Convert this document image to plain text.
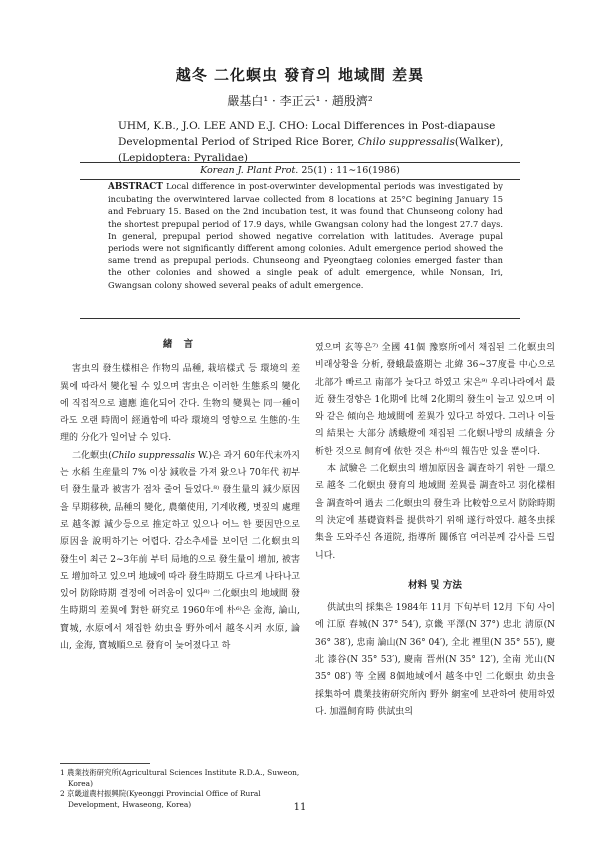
越冬 二化螟虫 發育의 地域間 差異
嚴基白¹ · 李正云¹ · 趙殷濟²
UHM, K.B., J.O. LEE AND E.J. CHO: Local Differences in Post-diapause Developmental Period of Striped Rice Borer, Chilo suppressalis(Walker), (Lepidoptera: Pyralidae)
Korean J. Plant Prot. 25(1) : 11∼16(1986)
ABSTRACT Local difference in post-overwinter developmental periods was investigated by incubating the overwintered larvae collected from 8 locations at 25°C begining January 15 and February 15. Based on the 2nd incubation test, it was found that Chunseong colony had the shortest prepupal period of 17.9 days, while Gwangsan colony had the longest 27.7 days. In general, prepupal period showed negative correlation with latitudes. Average pupal periods were not significantly different among colonies. Adult emergence period showed the same trend as prepupal periods. Chunseong and Pyeongtaeg colonies emerged faster than the other colonies and showed a single peak of adult emergence, while Nonsan, Iri, Gwangsan colony showed several peaks of adult emergence.
緒 言

害虫의 發生樣相은 作物의 品種, 栽培樣式 등 環境의 差異에 따라서 變化될 수 있으며 害虫은 이러한 生態系의 變化에 직접적으로 適應 進化되어 간다. 生物의 變異는 同一種이라도 오랜 時間이 經過함에 따라 環境의 영향으로 生態的·生理的 分化가 일어날 수 있다.

二化螟虫(Chilo suppressalis W.)은 과거 60年代末까지는 水稻 生産量의 7% 이상 減收를 가져 왔으나 70年代 初부터 發生量과 被害가 점차 줄어 들었다.⁸⁾ 發生量의 減少原因을 早期移秧, 品種의 變化, 農藥使用, 기계收穫, 볏짚의 處理로 越冬源 減少등으로 推定하고 있으나 어느 한 要因만으로 原因을 說明하기는 어렵다. 감소추세를 보이던 二化螟虫의 發生이 최근 2∼3年前 부터 局地的으로 發生量이 增加, 被害도 增加하고 있으며 地域에 따라 發生時期도 다르게 나타나고 있어 防除時期 결정에 어려움이 있다⁸⁾ 二化螟虫의 地域間 發生時期의 差異에 對한 研究로 1960年에 朴⁶⁾은 金海, 論山, 寶城, 水原에서 채집한 幼虫을 野外에서 越冬시켜 水原, 論山, 金海, 寶城順으로 發育이 늦어졌다고 하

였으며 玄等은⁷⁾ 全國 41個 豫察所에서 채집된 二化螟虫의 비래상황을 分析, 發蛾最盛期는 北緯 36∼37度를 中心으로 北部가 빠르고 南部가 늦다고 하였고 宋은⁹⁾ 우리나라에서 最近 發生경향은 1化期에 比해 2化期의 發生이 늘고 있으며 이와 같은 傾向은 地域間에 差異가 있다고 하였다. 그러나 이들의 結果는 大部分 誘蛾燈에 채집된 二化螟나방의 成績을 分析한 것으로 飼育에 依한 것은 朴⁶⁾의 報告만 있을 뿐이다.

本 試驗은 二化螟虫의 增加原因을 調査하기 위한 一環으로 越冬 二化螟虫 發育의 地域間 差異를 調査하고 羽化樣相을 調査하여 過去 二化螟虫의 發生과 比較함으로서 防除時期의 決定에 基礎資料를 提供하기 위해 遂行하였다. 越冬虫採集을 도와주신 各道院, 指導所 關係官 여러분께 감사를 드립니다.

材料 및 方法

供試虫의 採集은 1984年 11月 下旬부터 12月 下旬 사이에 江原 春城(N 37° 54′), 京畿 平澤(N 37°) 忠北 淸原(N 36° 38′), 忠南 論山(N 36° 04′), 全北 裡里(N 35° 55′), 慶北 漆谷(N 35° 53′), 慶南 晋州(N 35° 12′), 全南 光山(N 35° 08′) 等 全國 8個地域에서 越冬中인 二化螟虫 幼虫을 採集하여 農業技術研究所內 野外 網室에 보관하여 使用하였다. 加溫飼育時 供試虫의

1 農業技術研究所(Agricultural Sciences Institute R.D.A., Suweon, Korea)

2 京畿道農村振興院(Kyeonggi Provincial Office of Rural Development, Hwaseong, Korea)	11
